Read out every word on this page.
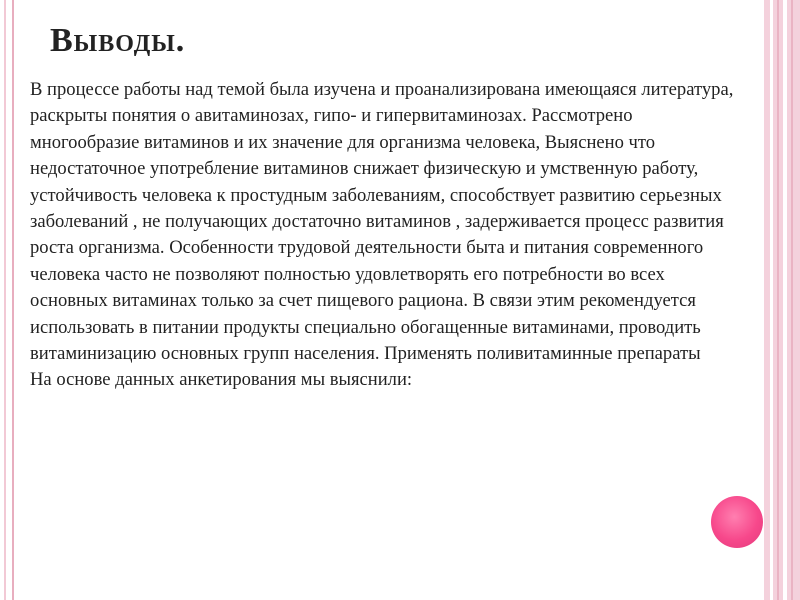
Выводы.

В процессе работы над темой была изучена и проанализирована имеющаяся литература, раскрыты понятия о авитаминозах, гипо- и гипервитаминозах. Рассмотрено многообразие витаминов и их значение для организма человека, Выяснено что недостаточное употребление витаминов снижает физическую и умственную работу, устойчивость человека к простудным заболеваниям, способствует развитию серьезных заболеваний , не получающих достаточно витаминов , задерживается процесс развития роста организма. Особенности трудовой деятельности быта и питания современного человека часто не позволяют полностью удовлетворять его потребности во всех основных витаминах только за счет пищевого рациона. В связи этим рекомендуется использовать в питании продукты специально обогащенные витаминами, проводить витаминизацию основных групп населения. Применять поливитаминные препараты

На основе данных анкетирования мы выяснили:
